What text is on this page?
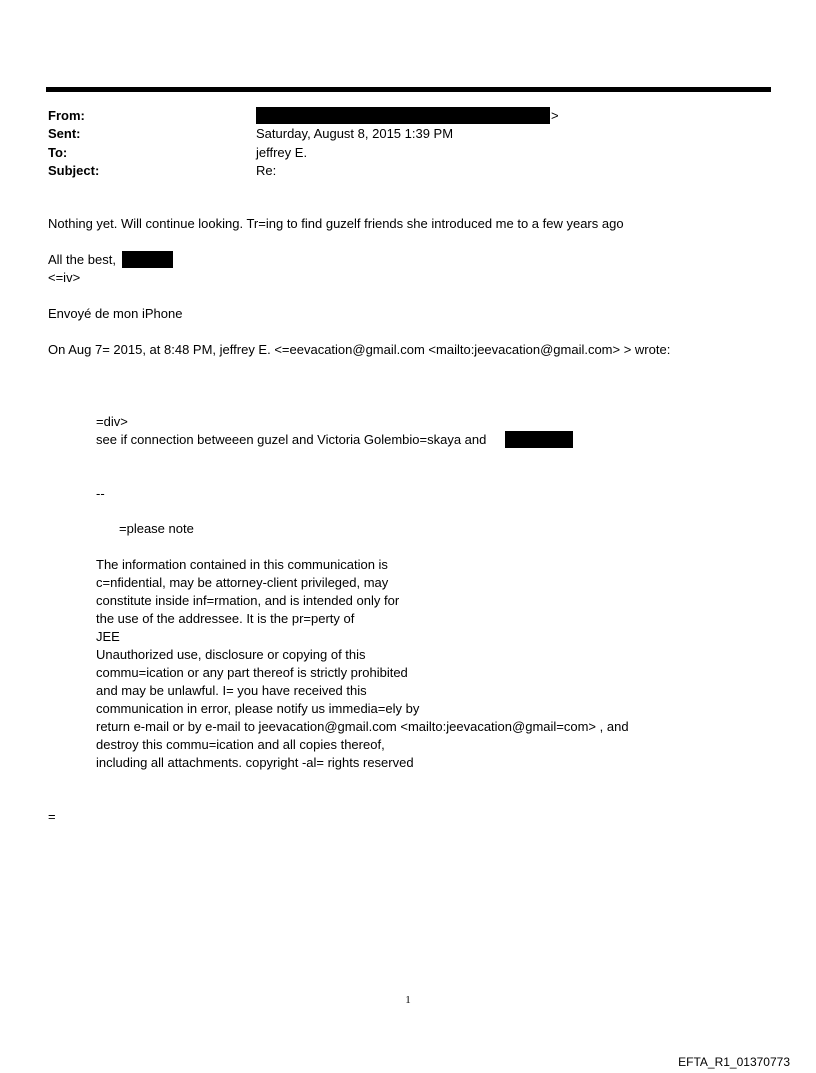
From:	>
Sent:	Saturday, August 8, 2015 1:39 PM
To:	jeffrey E.
Subject:	Re:
Nothing yet. Will continue looking. Tr=ing to find guzelf friends she introduced me to a few years ago
All the best,
<=iv>
Envoyé de mon iPhone
On Aug 7= 2015, at 8:48 PM, jeffrey E. <=eevacation@gmail.com <mailto:jeevacation@gmail.com> > wrote:
=div>
see if connection betweeen guzel and Victoria Golembio=skaya and
--
=please note
The information contained in this communication is
c=nfidential, may be attorney-client privileged, may
constitute inside inf=rmation, and is intended only for
the use of the addressee. It is the pr=perty of
JEE
Unauthorized use, disclosure or copying of this
commu=ication or any part thereof is strictly prohibited
and may be unlawful. I= you have received this
communication in error, please notify us immedia=ely by
return e-mail or by e-mail to jeevacation@gmail.com <mailto:jeevacation@gmail=com> , and
destroy this commu=ication and all copies thereof,
including all attachments. copyright -al= rights reserved
=
1
EFTA_R1_01370773
